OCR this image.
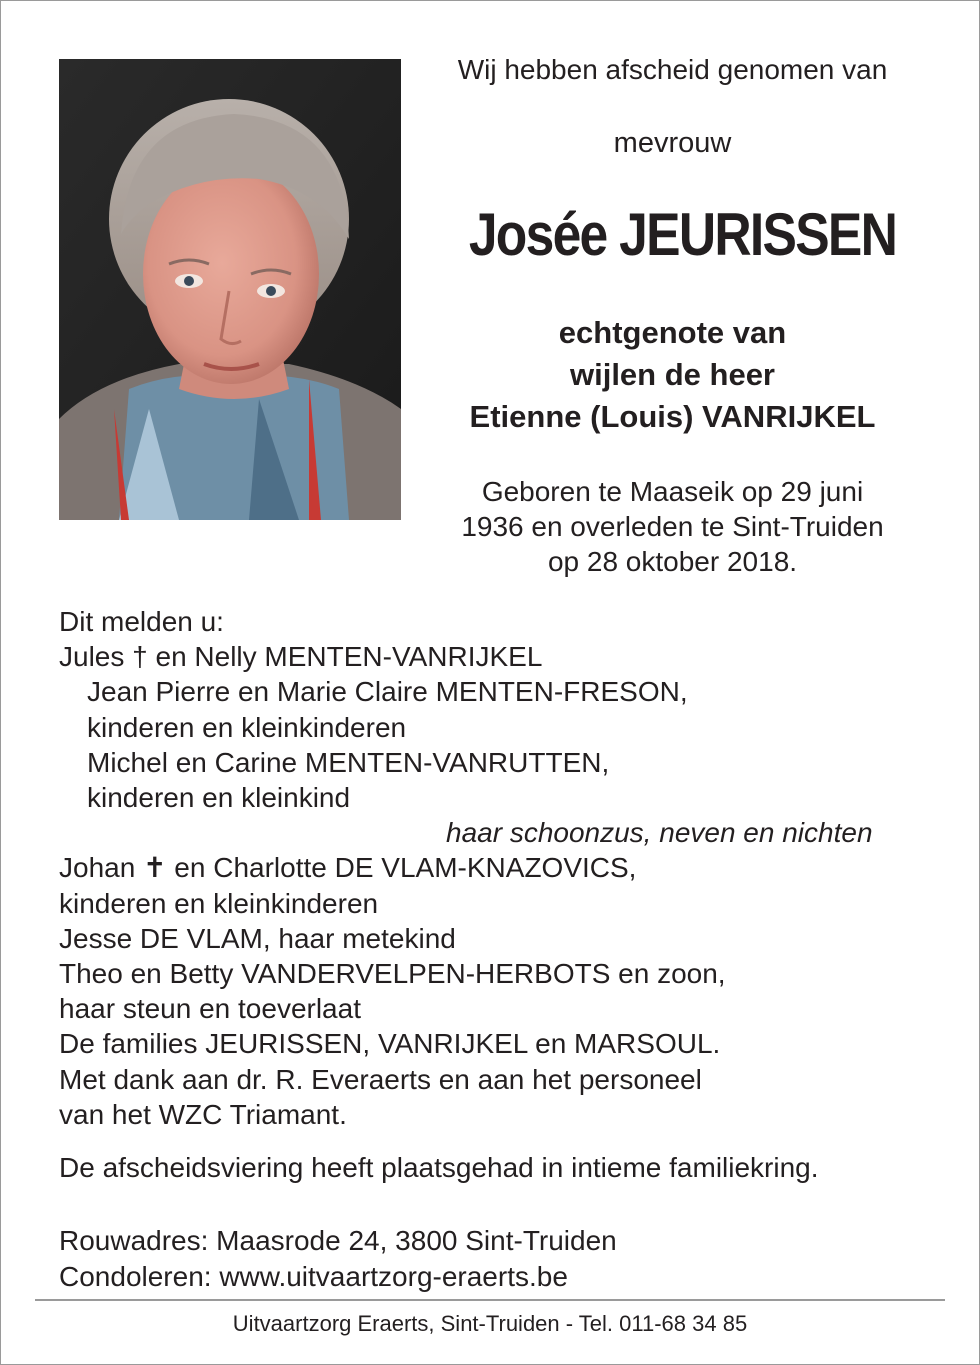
Wij hebben afscheid genomen van
mevrouw
Josée JEURISSEN
echtgenote van
wijlen de heer
Etienne (Louis) VANRIJKEL
Geboren te Maaseik op 29 juni
1936 en overleden te Sint-Truiden
op 28 oktober 2018.
Dit melden u:
Jules † en Nelly MENTEN-VANRIJKEL
Jean Pierre en Marie Claire MENTEN-FRESON,
kinderen en kleinkinderen
Michel en Carine MENTEN-VANRUTTEN,
kinderen en kleinkind
haar schoonzus, neven en nichten
Johan ✝ en Charlotte DE VLAM-KNAZOVICS,
kinderen en kleinkinderen
Jesse DE VLAM, haar metekind
Theo en Betty VANDERVELPEN-HERBOTS en zoon,
haar steun en toeverlaat
De families JEURISSEN, VANRIJKEL en MARSOUL.
Met dank aan dr. R. Everaerts en aan het personeel
van het WZC Triamant.
De afscheidsviering heeft plaatsgehad in intieme familiekring.
Rouwadres: Maasrode 24, 3800 Sint-Truiden
Condoleren: www.uitvaartzorg-eraerts.be
Uitvaartzorg Eraerts, Sint-Truiden - Tel. 011-68 34 85
